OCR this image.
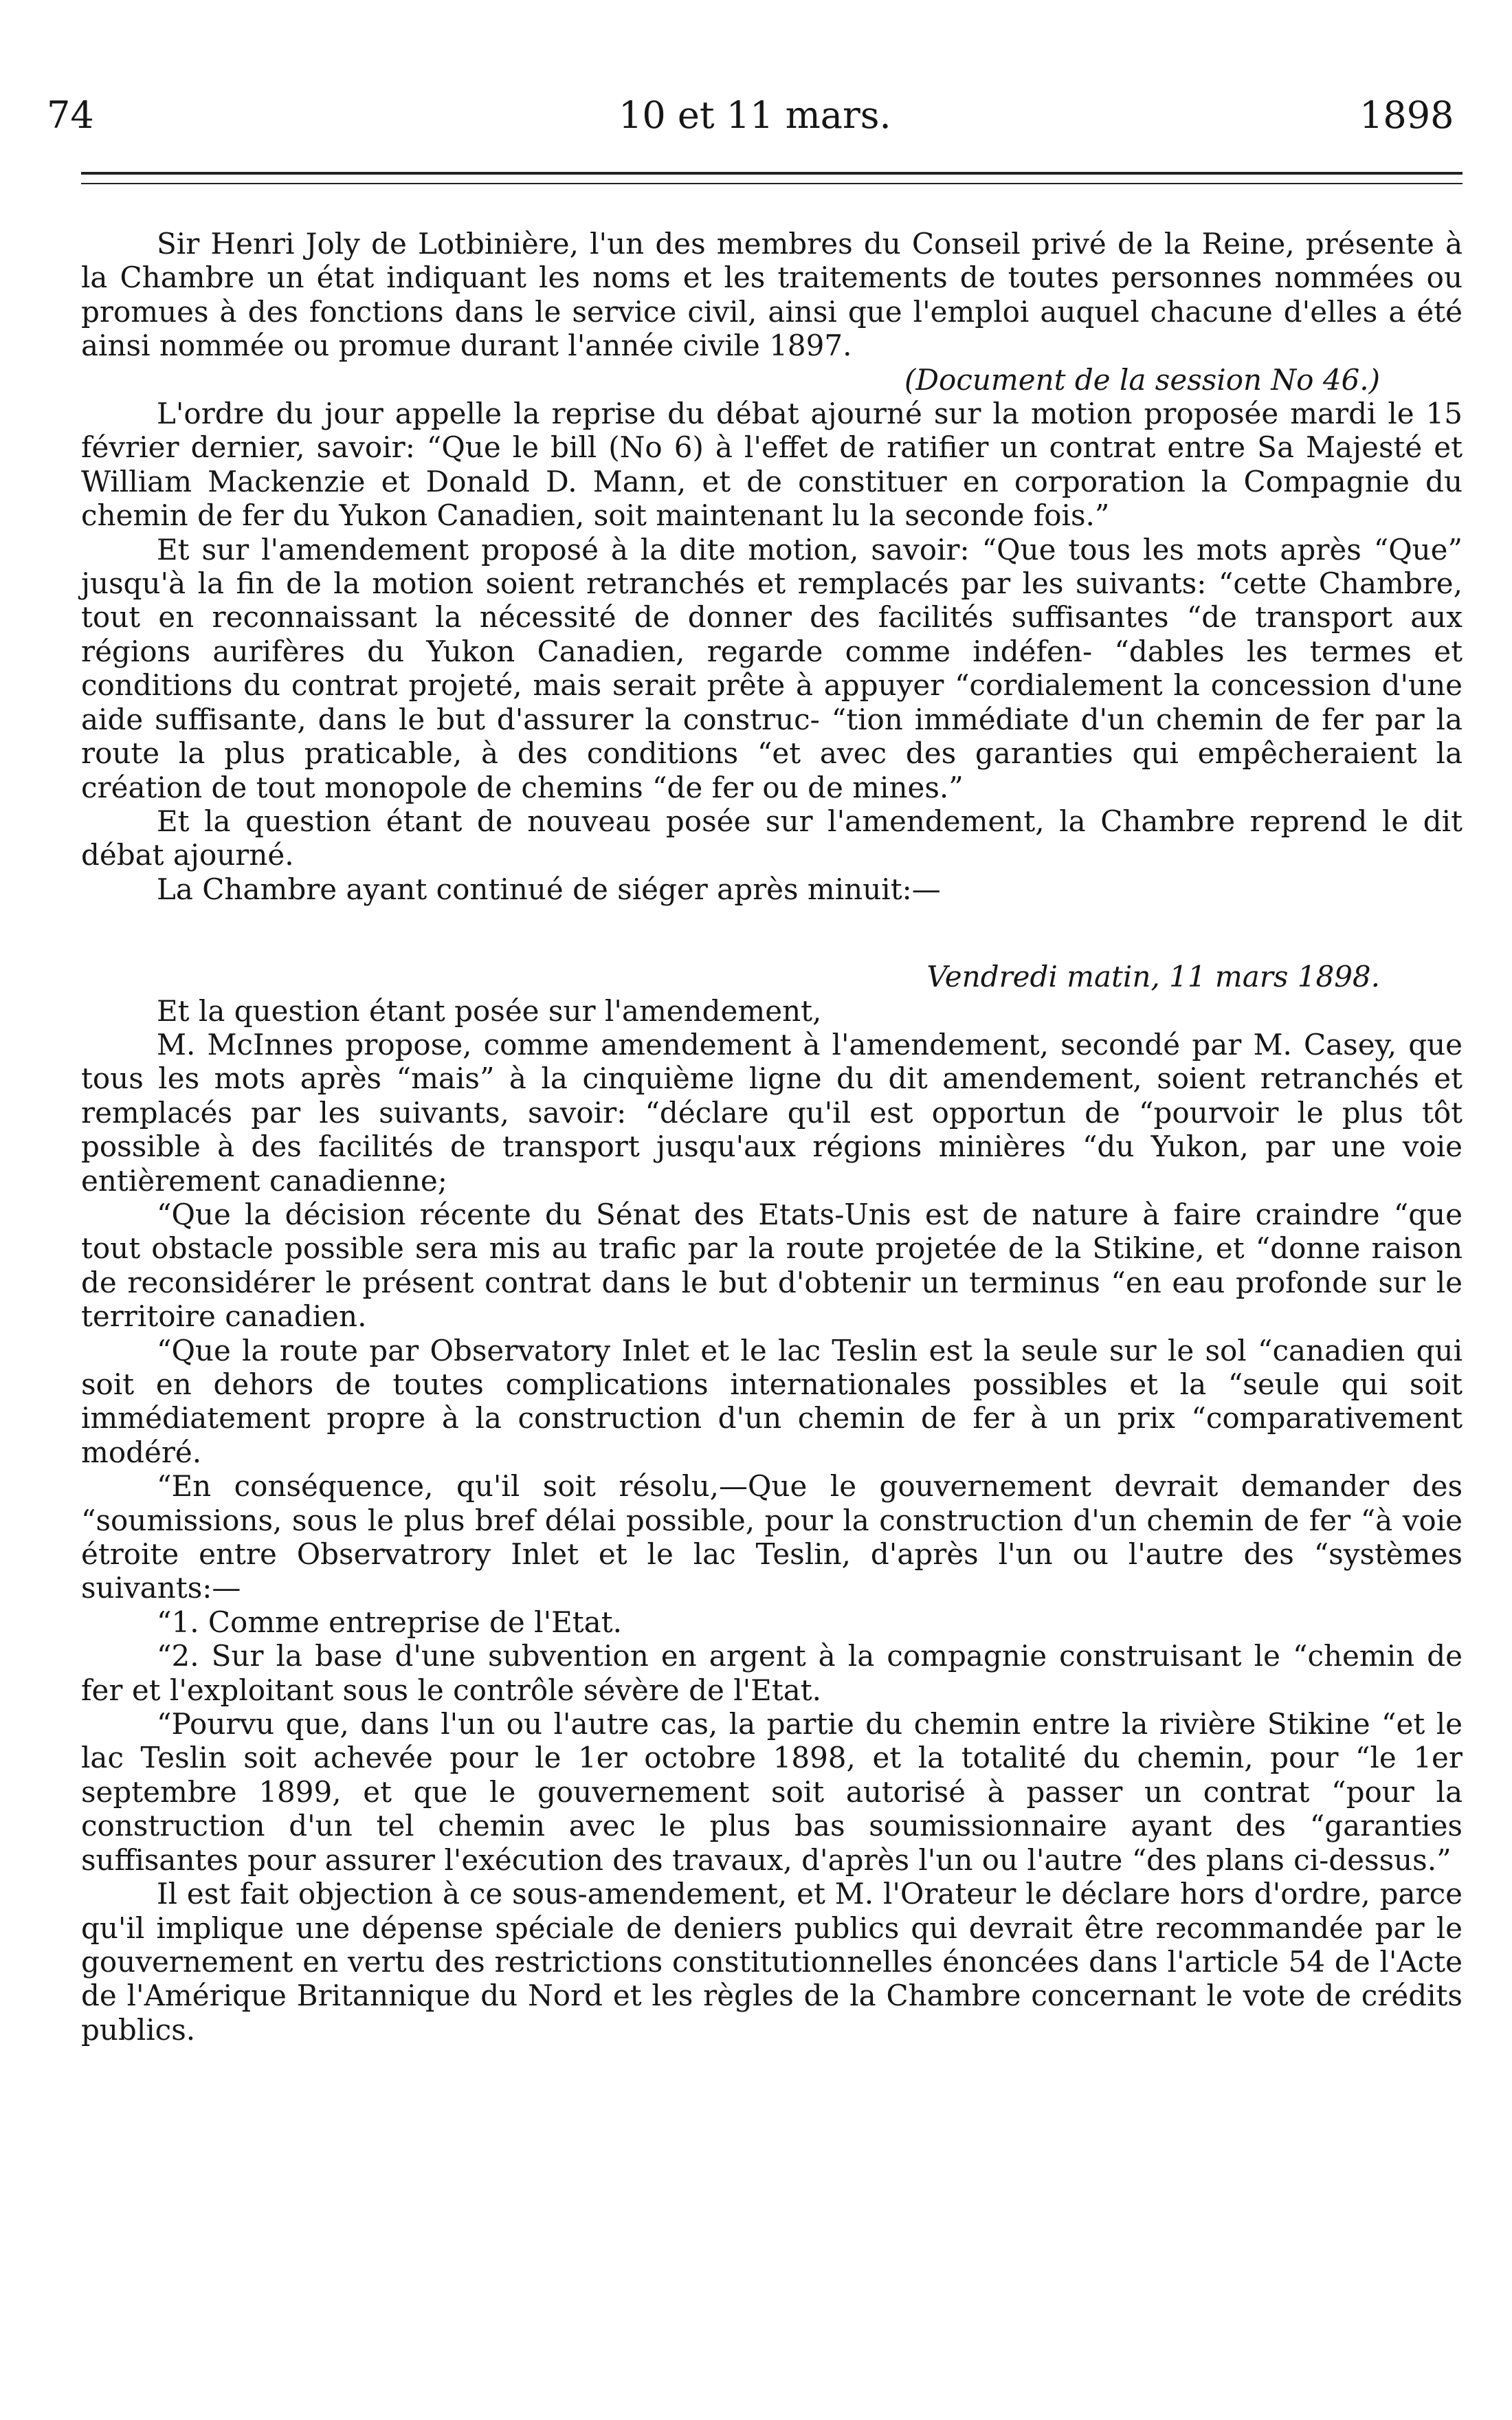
74	10 et 11 mars.	1898

Sir Henri Joly de Lotbinière, l'un des membres du Conseil privé de la Reine, présente à la Chambre un état indiquant les noms et les traitements de toutes personnes nommées ou promues à des fonctions dans le service civil, ainsi que l'emploi auquel chacune d'elles a été ainsi nommée ou promue durant l'année civile 1897.

(Document de la session No 46.)

L'ordre du jour appelle la reprise du débat ajourné sur la motion proposée mardi le 15 février dernier, savoir: “Que le bill (No 6) à l'effet de ratifier un contrat entre Sa Majesté et William Mackenzie et Donald D. Mann, et de constituer en corporation la Compagnie du chemin de fer du Yukon Canadien, soit maintenant lu la seconde fois.”

Et sur l'amendement proposé à la dite motion, savoir: “Que tous les mots après “Que” jusqu'à la fin de la motion soient retranchés et remplacés par les suivants: “cette Chambre, tout en reconnaissant la nécessité de donner des facilités suffisantes “de transport aux régions aurifères du Yukon Canadien, regarde comme indéfen- “dables les termes et conditions du contrat projeté, mais serait prête à appuyer “cordialement la concession d'une aide suffisante, dans le but d'assurer la construc- “tion immédiate d'un chemin de fer par la route la plus praticable, à des conditions “et avec des garanties qui empêcheraient la création de tout monopole de chemins “de fer ou de mines.”

Et la question étant de nouveau posée sur l'amendement, la Chambre reprend le dit débat ajourné.

La Chambre ayant continué de siéger après minuit:—

Vendredi matin, 11 mars 1898.

Et la question étant posée sur l'amendement,

M. McInnes propose, comme amendement à l'amendement, secondé par M. Casey, que tous les mots après “mais” à la cinquième ligne du dit amendement, soient retranchés et remplacés par les suivants, savoir: “déclare qu'il est opportun de “pourvoir le plus tôt possible à des facilités de transport jusqu'aux régions minières “du Yukon, par une voie entièrement canadienne;

“Que la décision récente du Sénat des Etats-Unis est de nature à faire craindre “que tout obstacle possible sera mis au trafic par la route projetée de la Stikine, et “donne raison de reconsidérer le présent contrat dans le but d'obtenir un terminus “en eau profonde sur le territoire canadien.

“Que la route par Observatory Inlet et le lac Teslin est la seule sur le sol “canadien qui soit en dehors de toutes complications internationales possibles et la “seule qui soit immédiatement propre à la construction d'un chemin de fer à un prix “comparativement modéré.

“En conséquence, qu'il soit résolu,—Que le gouvernement devrait demander des “soumissions, sous le plus bref délai possible, pour la construction d'un chemin de fer “à voie étroite entre Observatrory Inlet et le lac Teslin, d'après l'un ou l'autre des “systèmes suivants:—

“1. Comme entreprise de l'Etat.

“2. Sur la base d'une subvention en argent à la compagnie construisant le “chemin de fer et l'exploitant sous le contrôle sévère de l'Etat.

“Pourvu que, dans l'un ou l'autre cas, la partie du chemin entre la rivière Stikine “et le lac Teslin soit achevée pour le 1er octobre 1898, et la totalité du chemin, pour “le 1er septembre 1899, et que le gouvernement soit autorisé à passer un contrat “pour la construction d'un tel chemin avec le plus bas soumissionnaire ayant des “garanties suffisantes pour assurer l'exécution des travaux, d'après l'un ou l'autre “des plans ci-dessus.”

Il est fait objection à ce sous-amendement, et M. l'Orateur le déclare hors d'ordre, parce qu'il implique une dépense spéciale de deniers publics qui devrait être recommandée par le gouvernement en vertu des restrictions constitutionnelles énoncées dans l'article 54 de l'Acte de l'Amérique Britannique du Nord et les règles de la Chambre concernant le vote de crédits publics.
